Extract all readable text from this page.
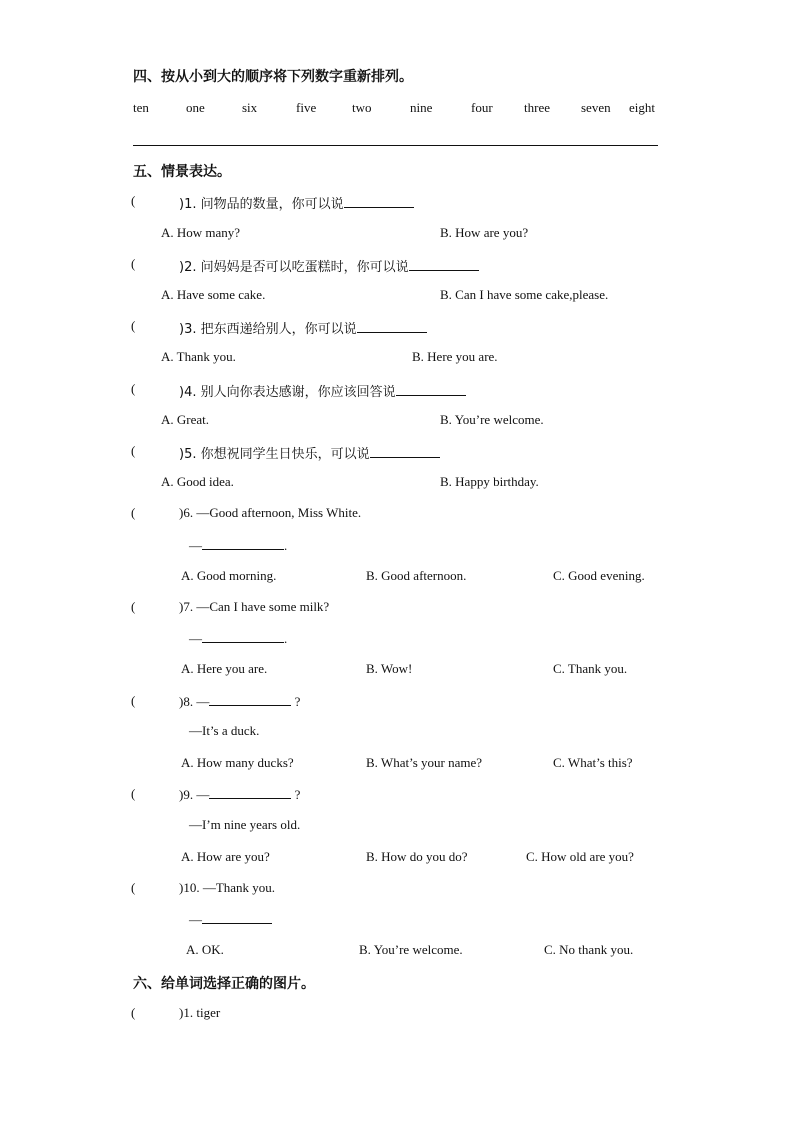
四、按从小到大的顺序将下列数字重新排列。
ten	one	six	five	two	nine	four three seven eight
五、情景表达。
(	)1. 问物品的数量，你可以说
A. How many?	B. How are you?
(	)2. 问妈妈是否可以吃蛋糕时，你可以说
A. Have some cake.	B. Can I have some cake,please.
(	)3. 把东西递给别人，你可以说
A. Thank you.	B. Here you are.
(	)4. 别人向你表达感谢，你应该回答说
A. Great.	B. You’re welcome.
(	)5. 你想祝同学生日快乐，可以说
A. Good idea.	B. Happy birthday.
(	)6. —Good afternoon, Miss White.
—	.
A. Good morning.	B. Good afternoon.	C. Good evening.
(	)7. —Can I have some milk?
—	.
A. Here you are.	B. Wow!	C. Thank you.
(	)8. —	?
—It’s a duck.
A. How many ducks?	B. What’s your name?	C. What’s this?
(	)9. —	?
—I’m nine years old.
A. How are you?	B. How do you do?	C. How old are you?
(	)10. —Thank you.
—
A. OK.	B. You’re welcome.	C. No thank you.
六、给单词选择正确的图片。
(	)1. tiger
